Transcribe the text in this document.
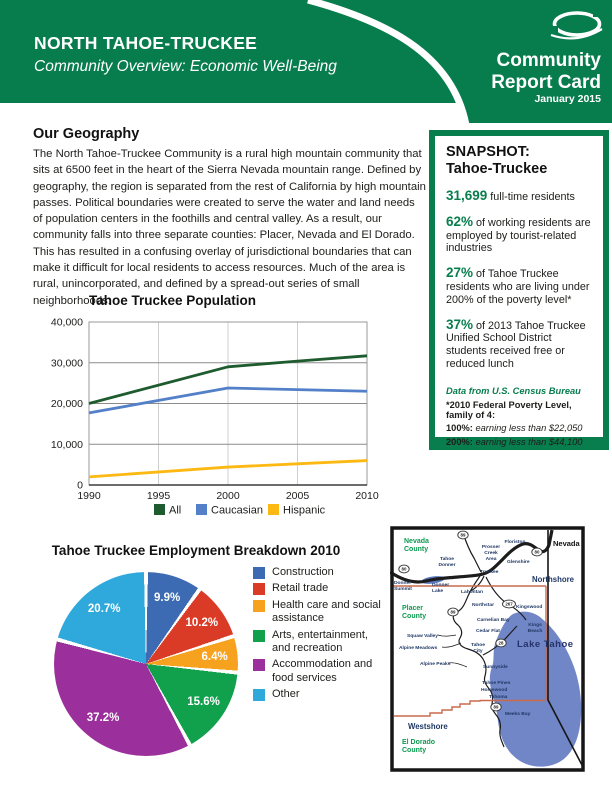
NORTH TAHOE-TRUCKEE
Community Overview: Economic Well-Being	Community
Report Card
January 2015
Our Geography

The North Tahoe-Truckee Community is a rural high mountain community that sits at 6500 feet in the heart of the Sierra Nevada mountain range. Defined by geography, the region is separated from the rest of California by high mountain passes. Political boundaries were created to serve the water and land needs of population centers in the foothills and central valley. As a result, our community falls into three separate counties: Placer, Nevada and El Dorado. This has resulted in a confusing overlay of jurisdictional boundaries that can make it difficult for local residents to access resources. Much of the area is rural, unincorporated, and defined by a spread-out series of small neighborhoods.

SNAPSHOT:
Tahoe-Truckee

31,699 full-time residents

62% of working residents are employed by tourist-related industries

27% of Tahoe Truckee residents who are living under 200% of the poverty level*

37% of 2013 Tahoe Truckee Unified School District students received free or reduced lunch

Data from U.S. Census Bureau

*2010 Federal Poverty Level, family of 4:

100%: earning less than $22,050

200%: earning less than $44,100

Tahoe Truckee Population
0
10,000
20,000
30,000
40,000
1990	1995	2000	2005	2010
All	Caucasian Hispanic
Tahoe Truckee Employment Breakdown 2010
9.9%
10.2%
6.4%
15.6%
37.2%
20.7%
Construction
Retail trade
Health care and social assistance
Arts, entertainment, and recreation
Accommodation and food services
Other
Nevada
County
Nevada
Tahoe
Donner
Prosser
Creek
Area
Floriston
Glenshire
Truckee
Donner
Summit
Donner
Lake
Northshore
Lahontan
Placer
County
Northstar	Kingswood
Carnelian Bay
Kings
Beach
Cedar Flat
Lake Tahoe
Squaw Valley
Tahoe
City
Alpine Meadows
Alpine Peaks
Sunnyside
Tahoe Pines
Homewood
Tahoma
Meeks Bay
Westshore
El Dorado
County
89
80
80
267
89
28
89
